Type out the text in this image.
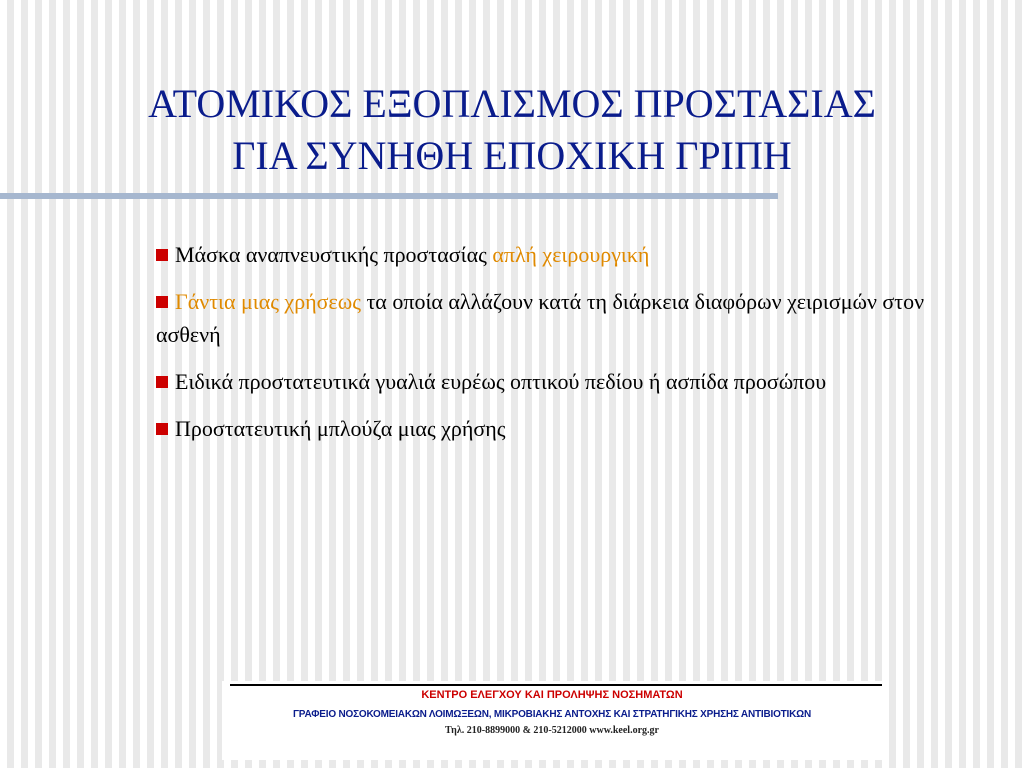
ΑΤΟΜΙΚΟΣ ΕΞΟΠΛΙΣΜΟΣ ΠΡΟΣΤΑΣΙΑΣ
ΓΙΑ ΣΥΝΗΘΗ ΕΠΟΧΙΚΗ ΓΡΙΠΗ
Μάσκα αναπνευστικής προστασίας απλή χειρουργική
Γάντια μιας χρήσεως τα οποία αλλάζουν κατά τη διάρκεια διαφόρων χειρισμών στον ασθενή
Ειδικά προστατευτικά γυαλιά ευρέως οπτικού πεδίου ή ασπίδα προσώπου
Προστατευτική μπλούζα μιας χρήσης
ΚΕΝΤΡΟ ΕΛΕΓΧΟΥ ΚΑΙ ΠΡΟΛΗΨΗΣ ΝΟΣΗΜΑΤΩΝ
ΓΡΑΦΕΙΟ ΝΟΣΟΚΟΜΕΙΑΚΩΝ ΛΟΙΜΩΞΕΩΝ, ΜΙΚΡΟΒΙΑΚΗΣ ΑΝΤΟΧΗΣ ΚΑΙ ΣΤΡΑΤΗΓΙΚΗΣ ΧΡΗΣΗΣ ΑΝΤΙΒΙΟΤΙΚΩΝ
Τηλ. 210-8899000 & 210-5212000 www.keel.org.gr
